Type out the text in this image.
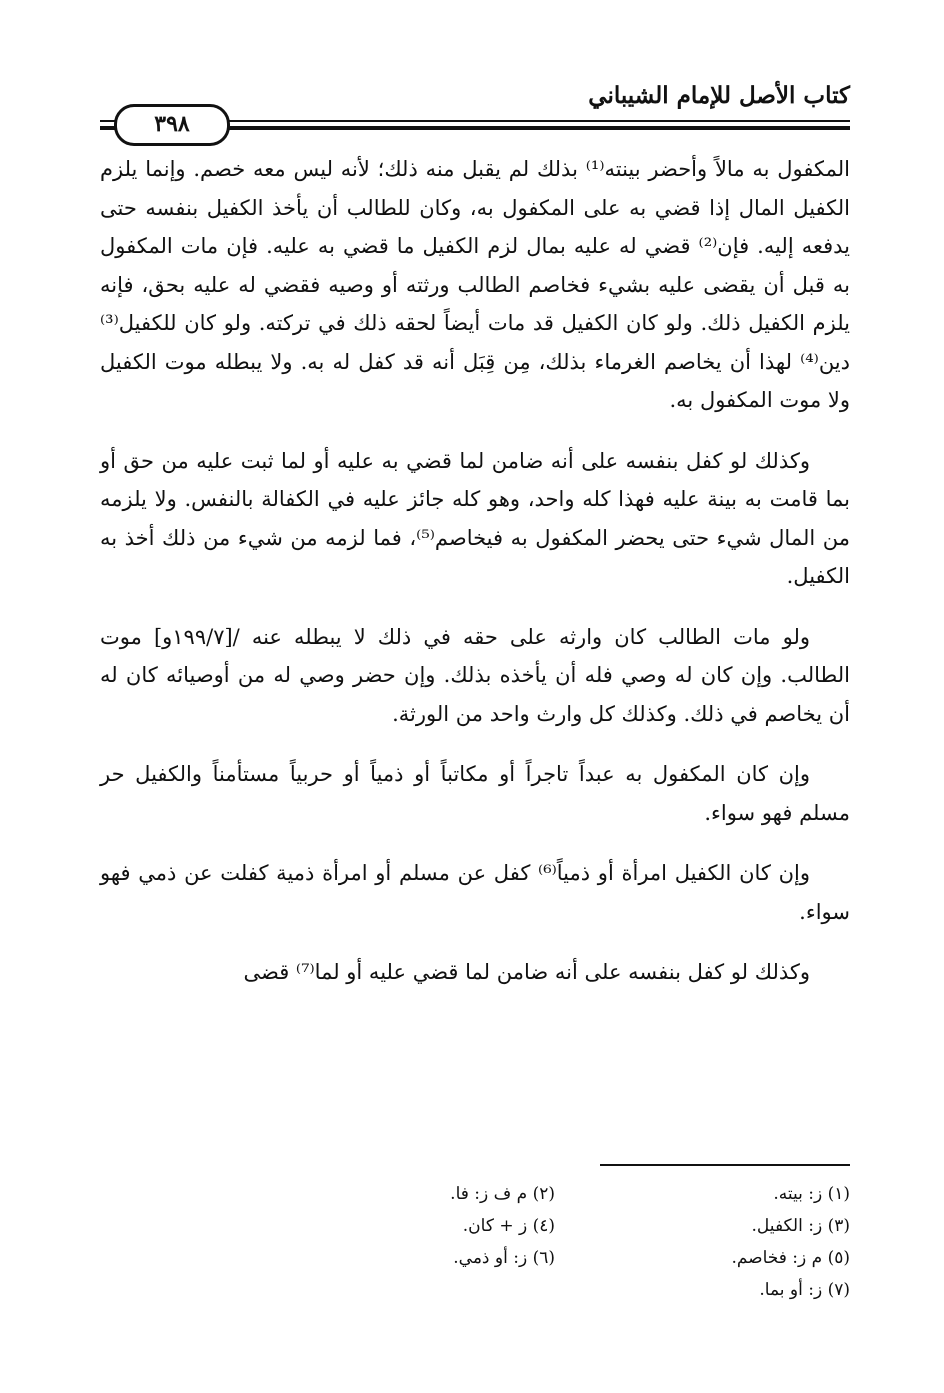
كتاب الأصل للإمام الشيباني
٣٩٨

المكفول به مالاً وأحضر بينته⁽¹⁾ بذلك لم يقبل منه ذلك؛ لأنه ليس معه خصم. وإنما يلزم الكفيل المال إذا قضي به على المكفول به، وكان للطالب أن يأخذ الكفيل بنفسه حتى يدفعه إليه. فإن⁽²⁾ قضي له عليه بمال لزم الكفيل ما قضي به عليه. فإن مات المكفول به قبل أن يقضى عليه بشيء فخاصم الطالب ورثته أو وصيه فقضي له عليه بحق، فإنه يلزم الكفيل ذلك. ولو كان الكفيل قد مات أيضاً لحقه ذلك في تركته. ولو كان للكفيل⁽³⁾ دين⁽⁴⁾ لهذا أن يخاصم الغرماء بذلك، مِن قِبَل أنه قد كفل له به. ولا يبطله موت الكفيل ولا موت المكفول به.

وكذلك لو كفل بنفسه على أنه ضامن لما قضي به عليه أو لما ثبت عليه من حق أو بما قامت به بينة عليه فهذا كله واحد، وهو كله جائز عليه في الكفالة بالنفس. ولا يلزمه من المال شيء حتى يحضر المكفول به فيخاصم⁽⁵⁾، فما لزمه من شيء من ذلك أخذ به الكفيل.

ولو مات الطالب كان وارثه على حقه في ذلك لا يبطله عنه /[١٩٩/٧و] موت الطالب. وإن كان له وصي فله أن يأخذه بذلك. وإن حضر وصي له من أوصيائه كان له أن يخاصم في ذلك. وكذلك كل وارث واحد من الورثة.

وإن كان المكفول به عبداً تاجراً أو مكاتباً أو ذمياً أو حربياً مستأمناً والكفيل حر مسلم فهو سواء.

وإن كان الكفيل امرأة أو ذمياً⁽⁶⁾ كفل عن مسلم أو امرأة ذمية كفلت عن ذمي فهو سواء.

وكذلك لو كفل بنفسه على أنه ضامن لما قضي عليه أو لما⁽⁷⁾ قضى

(١) ز: بيته.
(٢) م ف ز: فا.
(٣) ز: الكفيل.
(٤) ز + كان.
(٥) م ز: فخاصم.
(٦) ز: أو ذمي.
(٧) ز: أو بما.
